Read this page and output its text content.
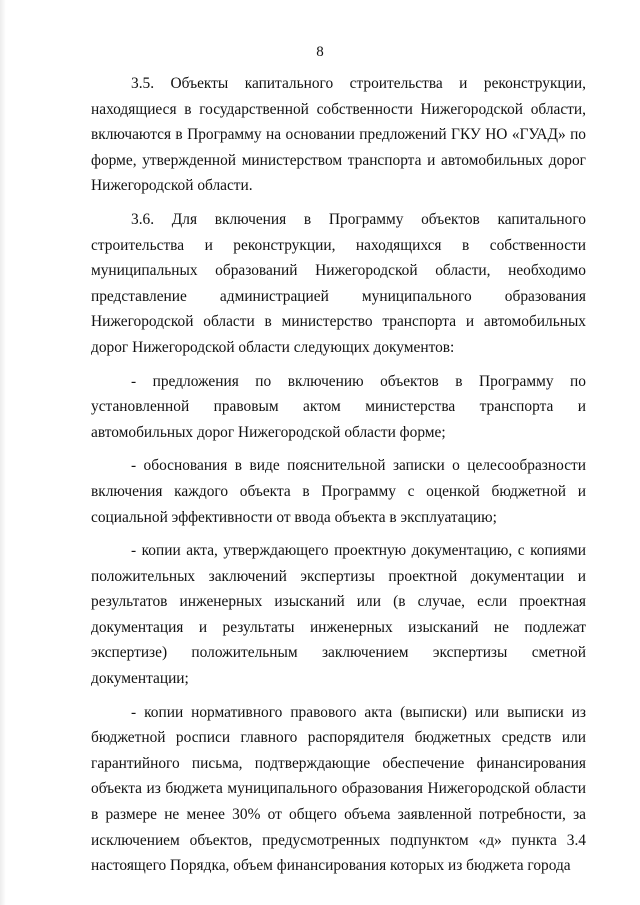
8

3.5.   Объекты   капитального   строительства   и   реконструкции, находящиеся в государственной собственности Нижегородской области, включаются в Программу на основании предложений ГКУ НО «ГУАД» по форме, утвержденной министерством транспорта и автомобильных дорог Нижегородской области.

3.6.   Для   включения   в   Программу   объектов   капитального строительства и реконструкции, находящихся в собственности муниципальных образований Нижегородской области, необходимо представление администрацией муниципального образования Нижегородской области в министерство транспорта и автомобильных дорог Нижегородской области следующих документов:

- предложения по включению объектов в Программу по установленной правовым актом министерства транспорта и автомобильных дорог Нижегородской области форме;

- обоснования в виде пояснительной записки о целесообразности включения каждого объекта в Программу с оценкой бюджетной и социальной эффективности от ввода объекта в эксплуатацию;

- копии акта, утверждающего проектную документацию, с копиями положительных заключений экспертизы проектной документации и результатов инженерных изысканий или (в случае, если проектная документация и результаты инженерных изысканий не подлежат экспертизе) положительным заключением экспертизы сметной документации;

- копии нормативного правового акта (выписки) или выписки из бюджетной росписи главного распорядителя бюджетных средств или гарантийного письма, подтверждающие обеспечение финансирования объекта из бюджета муниципального образования Нижегородской области в размере не менее 30% от общего объема заявленной потребности, за исключением объектов, предусмотренных подпунктом «д» пункта 3.4 настоящего Порядка, объем финансирования которых из бюджета города
